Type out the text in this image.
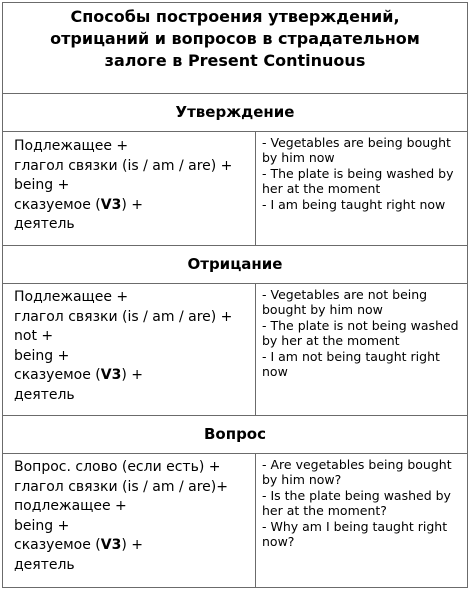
Способы построения утверждений,
отрицаний и вопросов в страдательном
залоге в Present Continuous
Утверждение
Подлежащее +
глагол связки (is / am / are) +
being +
сказуемое (V3) +
деятель
- Vegetables are being bought
by him now
- The plate is being washed by
her at the moment
- I am being taught right now
Отрицание
Подлежащее +
глагол связки (is / am / are) +
not +
being +
сказуемое (V3) +
деятель
- Vegetables are not being
bought by him now
- The plate is not being washed
by her at the moment
- I am not being taught right
now
Вопрос
Вопрос. слово (если есть) +
глагол связки (is / am / are)+
подлежащее +
being +
сказуемое (V3) +
деятель
- Are vegetables being bought
by him now?
- Is the plate being washed by
her at the moment?
- Why am I being taught right
now?
